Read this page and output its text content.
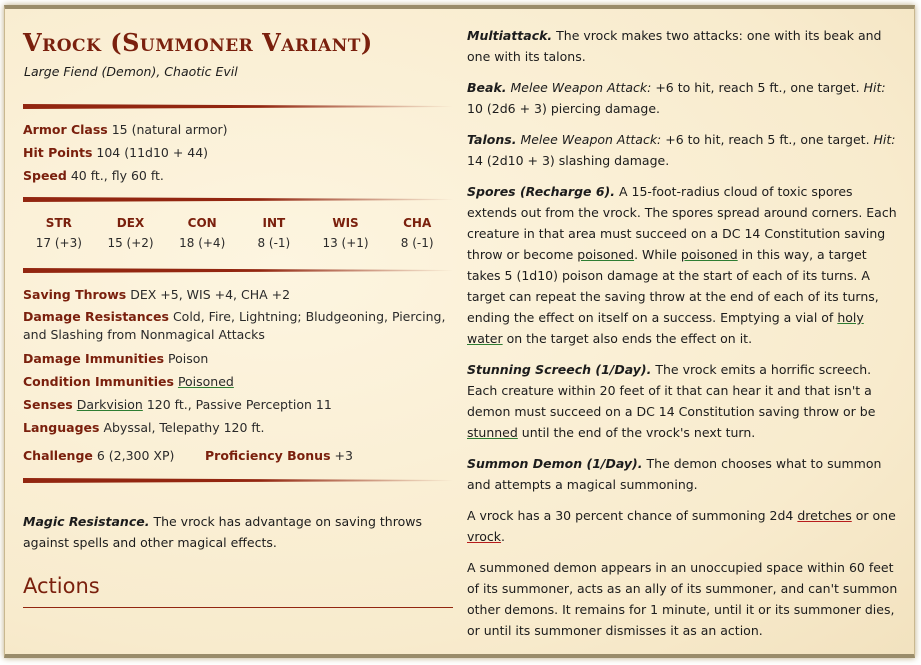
Vrock (Summoner Variant)
Large Fiend (Demon), Chaotic Evil
Armor Class 15 (natural armor)
Hit Points 104 (11d10 + 44)
Speed 40 ft., fly 60 ft.
STR
17 (+3)
DEX
15 (+2)
CON
18 (+4)
INT
8 (-1)
WIS
13 (+1)
CHA
8 (-1)
Saving Throws DEX +5, WIS +4, CHA +2
Damage Resistances Cold, Fire, Lightning; Bludgeoning, Piercing, and Slashing from Nonmagical Attacks
Damage Immunities Poison
Condition Immunities Poisoned
Senses Darkvision 120 ft., Passive Perception 11
Languages Abyssal, Telepathy 120 ft.
Challenge 6 (2,300 XP) Proficiency Bonus +3
Magic Resistance. The vrock has advantage on saving throws against spells and other magical effects.
Actions
Multiattack. The vrock makes two attacks: one with its beak and one with its talons.
Beak. Melee Weapon Attack: +6 to hit, reach 5 ft., one target. Hit: 10 (2d6 + 3) piercing damage.
Talons. Melee Weapon Attack: +6 to hit, reach 5 ft., one target. Hit: 14 (2d10 + 3) slashing damage.
Spores (Recharge 6). A 15-foot-radius cloud of toxic spores extends out from the vrock. The spores spread around corners. Each creature in that area must succeed on a DC 14 Constitution saving throw or become poisoned. While poisoned in this way, a target takes 5 (1d10) poison damage at the start of each of its turns. A target can repeat the saving throw at the end of each of its turns, ending the effect on itself on a success. Emptying a vial of holy water on the target also ends the effect on it.
Stunning Screech (1/Day). The vrock emits a horrific screech. Each creature within 20 feet of it that can hear it and that isn't a demon must succeed on a DC 14 Constitution saving throw or be stunned until the end of the vrock's next turn.
Summon Demon (1/Day). The demon chooses what to summon and attempts a magical summoning.
A vrock has a 30 percent chance of summoning 2d4 dretches or one vrock.
A summoned demon appears in an unoccupied space within 60 feet of its summoner, acts as an ally of its summoner, and can't summon other demons. It remains for 1 minute, until it or its summoner dies, or until its summoner dismisses it as an action.
